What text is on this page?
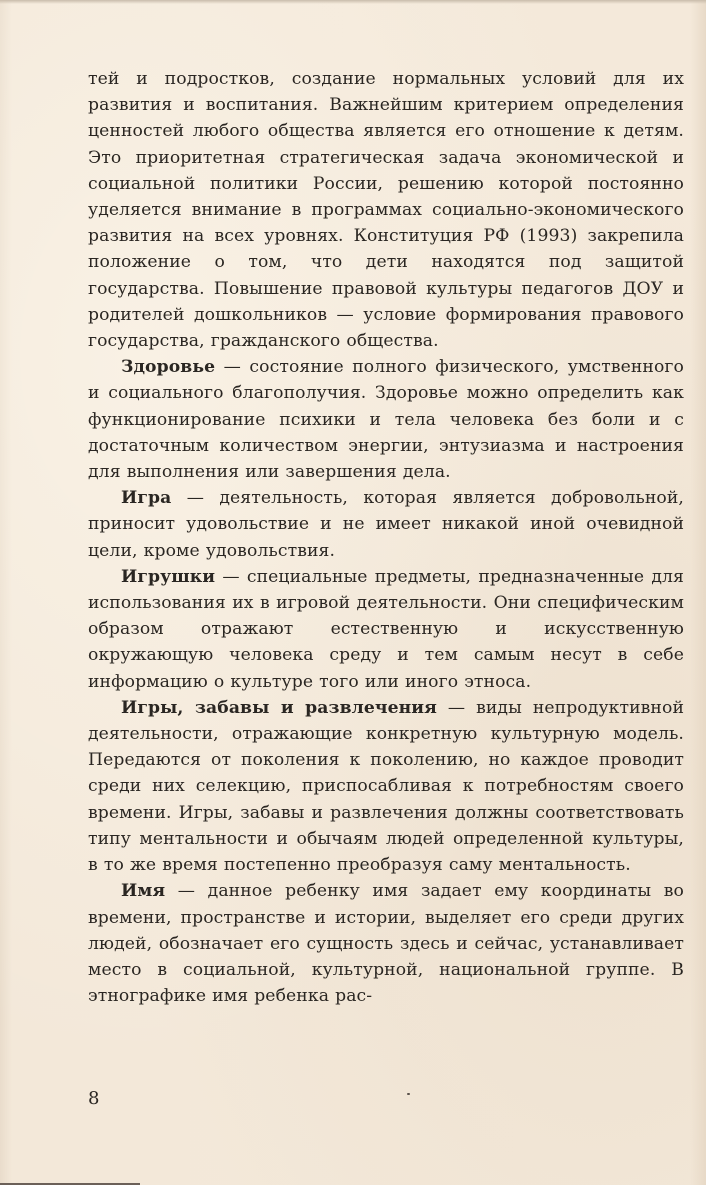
тей и подростков, создание нормальных условий для их развития и воспитания. Важнейшим критерием определения ценностей любого общества является его отношение к детям. Это приоритетная стратегическая задача экономической и социальной политики России, решению которой постоянно уделяется внимание в программах социально-экономического развития на всех уровнях. Конституция РФ (1993) закрепила положение о том, что дети находятся под защитой государства. Повышение правовой культуры педагогов ДОУ и родителей дошкольников — условие формирования правового государства, гражданского общества.

Здоровье — состояние полного физического, умственного и социального благополучия. Здоровье можно определить как функционирование психики и тела человека без боли и с достаточным количеством энергии, энтузиазма и настроения для выполнения или завершения дела.

Игра — деятельность, которая является добровольной, приносит удовольствие и не имеет никакой иной очевидной цели, кроме удовольствия.

Игрушки — специальные предметы, предназначенные для использования их в игровой деятельности. Они специфическим образом отражают естественную и искусственную окружающую человека среду и тем самым несут в себе информацию о культуре того или иного этноса.

Игры, забавы и развлечения — виды непродуктивной деятельности, отражающие конкретную культурную модель. Передаются от поколения к поколению, но каждое проводит среди них селекцию, приспосабливая к потребностям своего времени. Игры, забавы и развлечения должны соответствовать типу ментальности и обычаям людей определенной культуры, в то же время постепенно преобразуя саму ментальность.

Имя — данное ребенку имя задает ему координаты во времени, пространстве и истории, выделяет его среди других людей, обозначает его сущность здесь и сейчас, устанавливает место в социальной, культурной, национальной группе. В этнографике имя ребенка рас-

8
